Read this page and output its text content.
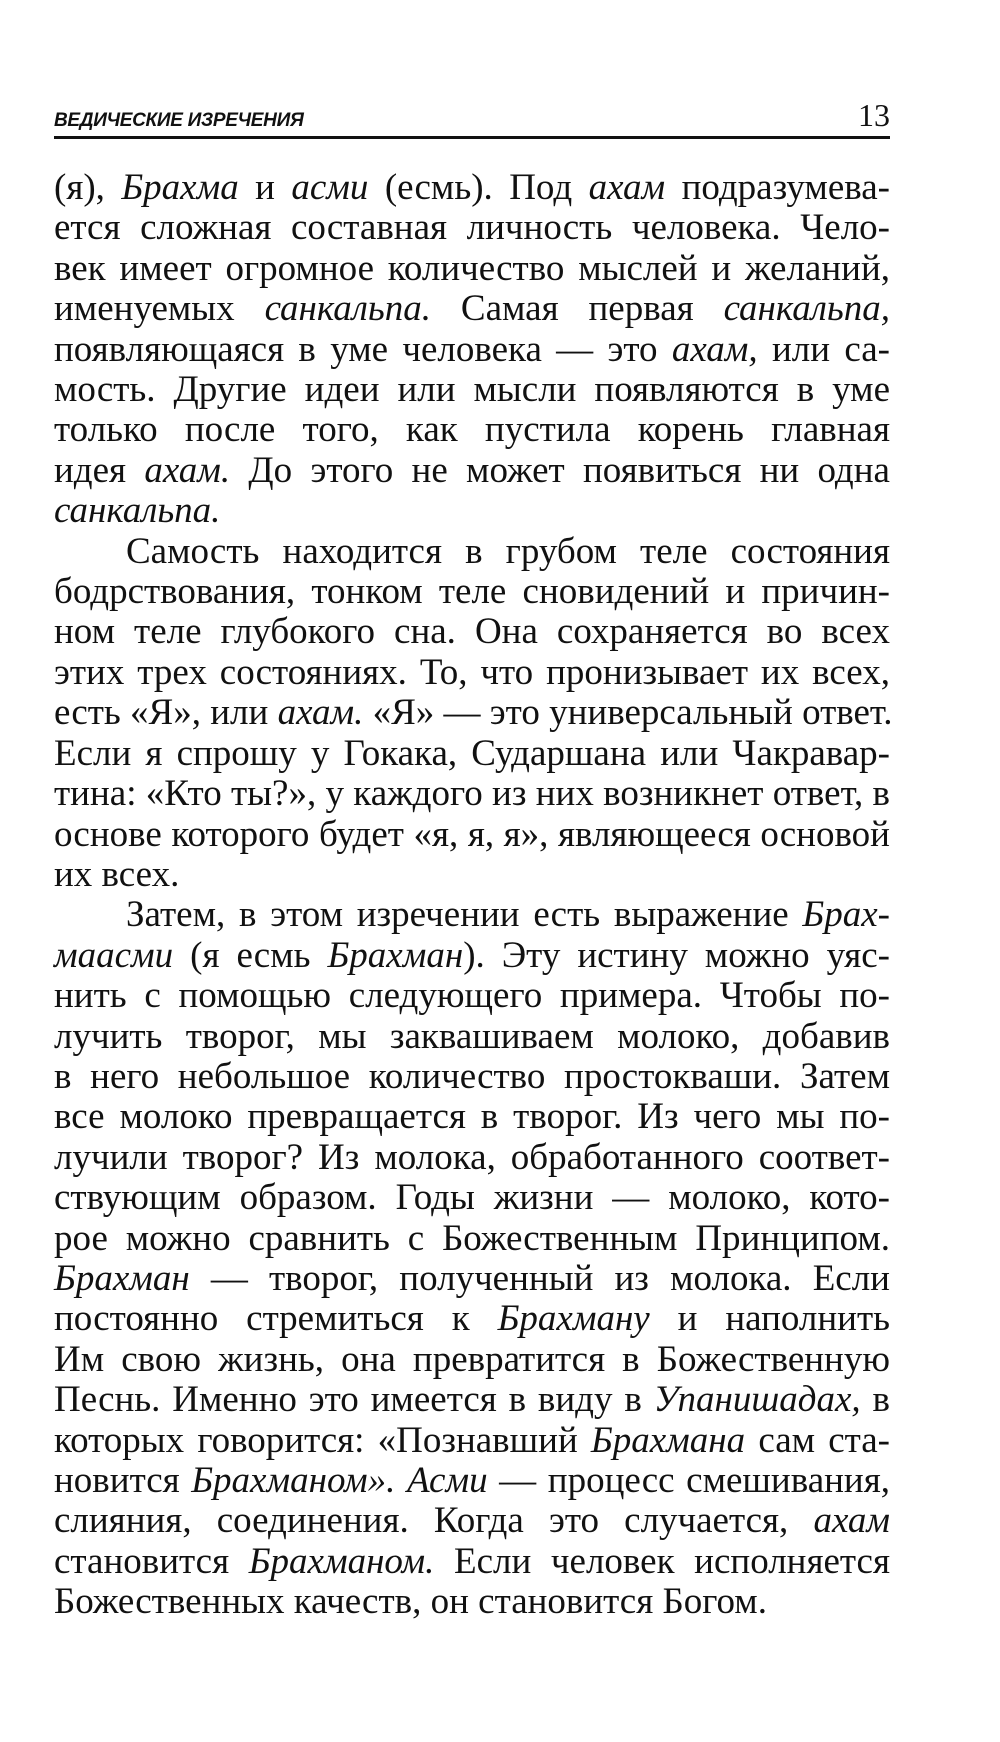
ВЕДИЧЕСКИЕ ИЗРЕЧЕНИЯ	13
(я), Брахма и асми (есмь). Под ахам подразумева-
ется сложная составная личность человека. Чело-
век имеет огромное количество мыслей и желаний,
именуемых санкальпа. Самая первая санкальпа,
появляющаяся в уме человека — это ахам, или са-
мость. Другие идеи или мысли появляются в уме
только после того, как пустила корень главная
идея ахам. До этого не может появиться ни одна
санкальпа.
Самость находится в грубом теле состояния
бодрствования, тонком теле сновидений и причин-
ном теле глубокого сна. Она сохраняется во всех
этих трех состояниях. То, что пронизывает их всех,
есть «Я», или ахам. «Я» — это универсальный ответ.
Если я спрошу у Гокака, Сударшана или Чакравар-
тина: «Кто ты?», у каждого из них возникнет ответ, в
основе которого будет «я, я, я», являющееся основой
их всех.
Затем, в этом изречении есть выражение Брах-
маасми (я есмь Брахман). Эту истину можно уяс-
нить с помощью следующего примера. Чтобы по-
лучить творог, мы заквашиваем молоко, добавив
в него небольшое количество простокваши. Затем
все молоко превращается в творог. Из чего мы по-
лучили творог? Из молока, обработанного соответ-
ствующим образом. Годы жизни — молоко, кото-
рое можно сравнить с Божественным Принципом.
Брахман — творог, полученный из молока. Если
постоянно стремиться к Брахману и наполнить
Им свою жизнь, она превратится в Божественную
Песнь. Именно это имеется в виду в Упанишадах, в
которых говорится: «Познавший Брахмана сам ста-
новится Брахманом». Асми — процесс смешивания,
слияния, соединения. Когда это случается, ахам
становится Брахманом. Если человек исполняется
Божественных качеств, он становится Богом.
